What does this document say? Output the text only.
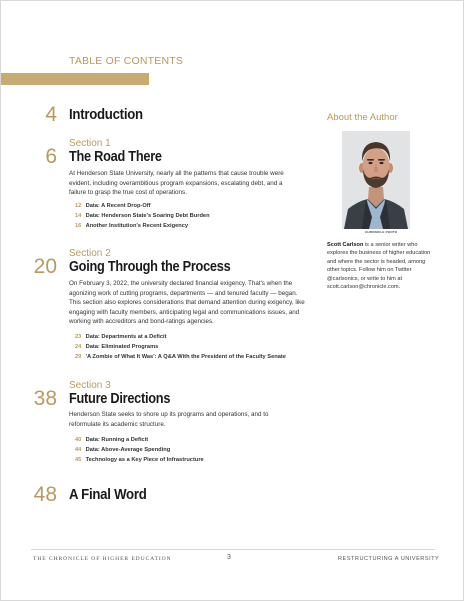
TABLE OF CONTENTS
4 Introduction
6
Section 1
The Road There
At Henderson State University, nearly all the patterns that cause trouble were evident, including overambitious program expansions, escalating debt, and a failure to grasp the true cost of operations.
12 Data: A Recent Drop-Off
14 Data: Henderson State's Soaring Debt Burden
16 Another Institution's Recent Exigency
20
Section 2
Going Through the Process
On February 3, 2022, the university declared financial exigency. That's when the agonizing work of cutting programs, departments — and tenured faculty — began. This section also explores considerations that demand attention during exigency, like engaging with faculty members, anticipating legal and communications issues, and working with accreditors and bond-ratings agencies.
23 Data: Departments at a Deficit
24 Data: Eliminated Programs
29 'A Zombie of What It Was': A Q&A With the President of the Faculty Senate
38
Section 3
Future Directions
Henderson State seeks to shore up its programs and operations, and to reformulate its academic structure.
40 Data: Running a Deficit
44 Data: Above-Average Spending
45 Technology as a Key Piece of Infrastructure
48 A Final Word
About the Author
CHRONICLE PHOTO
Scott Carlson is a senior writer who explores the business of higher education and where the sector is headed, among other topics. Follow him on Twitter @carlsonics, or write to him at scott.carlson@chronicle.com.
THE CHRONICLE OF HIGHER EDUCATION	3	RESTRUCTURING A UNIVERSITY
